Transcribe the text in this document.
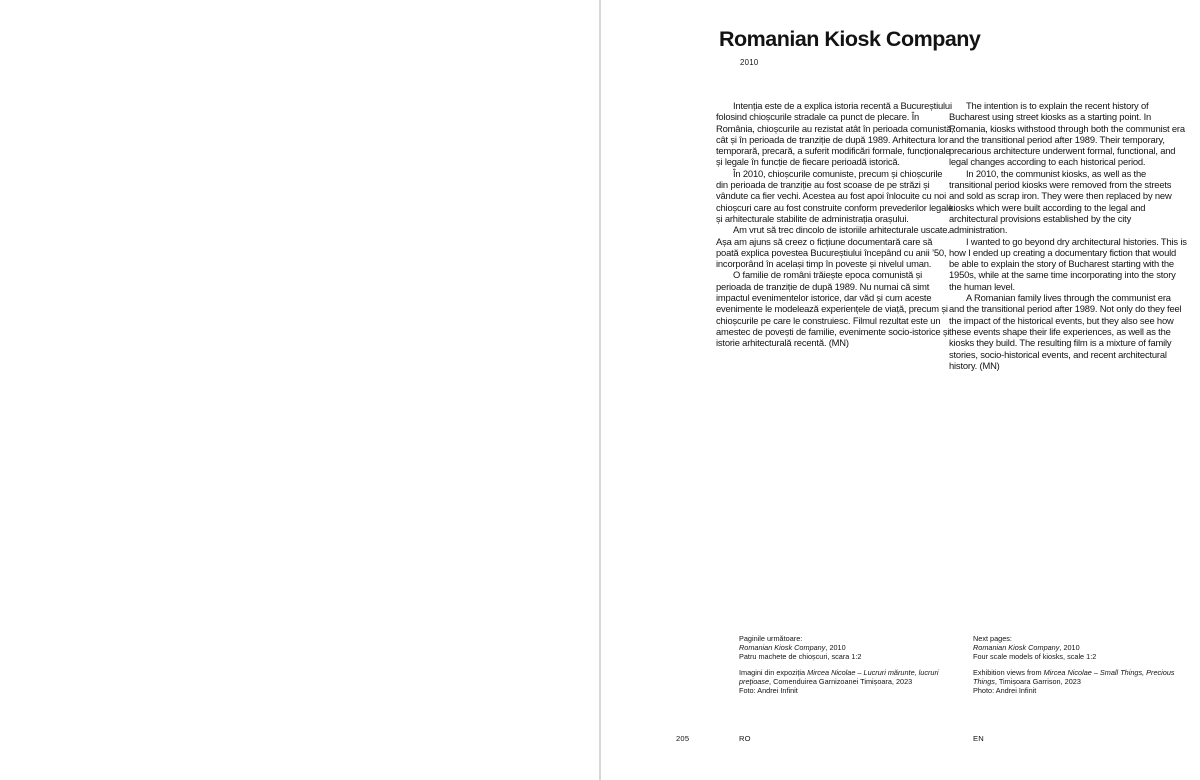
Romanian Kiosk Company
2010

Intenția este de a explica istoria recentă a Bucureștiului folosind chioșcurile stradale ca punct de plecare. În România, chioșcurile au rezistat atât în perioada comunistă, cât și în perioada de tranziție de după 1989. Arhitectura lor temporară, precară, a suferit modificări formale, funcționale și legale în funcție de fiecare perioadă istorică.

În 2010, chioșcurile comuniste, precum și chioșcurile din perioada de tranziție au fost scoase de pe străzi și vândute ca fier vechi. Acestea au fost apoi înlocuite cu noi chioșcuri care au fost construite conform prevederilor legale și arhitecturale stabilite de administrația orașului.

Am vrut să trec dincolo de istoriile arhitecturale uscate. Așa am ajuns să creez o ficțiune documentară care să poată explica povestea Bucureștiului începând cu anii ’50, incorporând în același timp în poveste și nivelul uman.

O familie de români trăiește epoca comunistă și perioada de tranziție de după 1989. Nu numai că simt impactul evenimentelor istorice, dar văd și cum aceste evenimente le modelează experiențele de viață, precum și chioșcurile pe care le construiesc. Filmul rezultat este un amestec de povești de familie, evenimente socio-istorice și istorie arhitecturală recentă. (MN)

The intention is to explain the recent history of Bucharest using street kiosks as a starting point. In Romania, kiosks withstood through both the communist era and the transitional period after 1989. Their temporary, precarious architecture underwent formal, functional, and legal changes according to each historical period.

In 2010, the communist kiosks, as well as the transitional period kiosks were removed from the streets and sold as scrap iron. They were then replaced by new kiosks which were built according to the legal and architectural provisions established by the city administration.

I wanted to go beyond dry architectural histories. This is how I ended up creating a documentary fiction that would be able to explain the story of Bucharest starting with the 1950s, while at the same time incorporating into the story the human level.

A Romanian family lives through the communist era and the transitional period after 1989. Not only do they feel the impact of the historical events, but they also see how these events shape their life experiences, as well as the kiosks they build. The resulting film is a mixture of family stories, socio-historical events, and recent architectural history. (MN)

Paginile următoare:
Romanian Kiosk Company, 2010
Patru machete de chioșcuri, scara 1:2

Imagini din expoziția Mircea Nicolae – Lucruri mărunte, lucruri prețioase, Comenduirea Garnizoanei Timișoara, 2023

Foto: Andrei Infinit
Next pages:
Romanian Kiosk Company, 2010
Four scale models of kiosks, scale 1:2

Exhibition views from Mircea Nicolae – Small Things, Precious Things, Timișoara Garrison, 2023

Photo: Andrei Infinit
205	RO	EN
